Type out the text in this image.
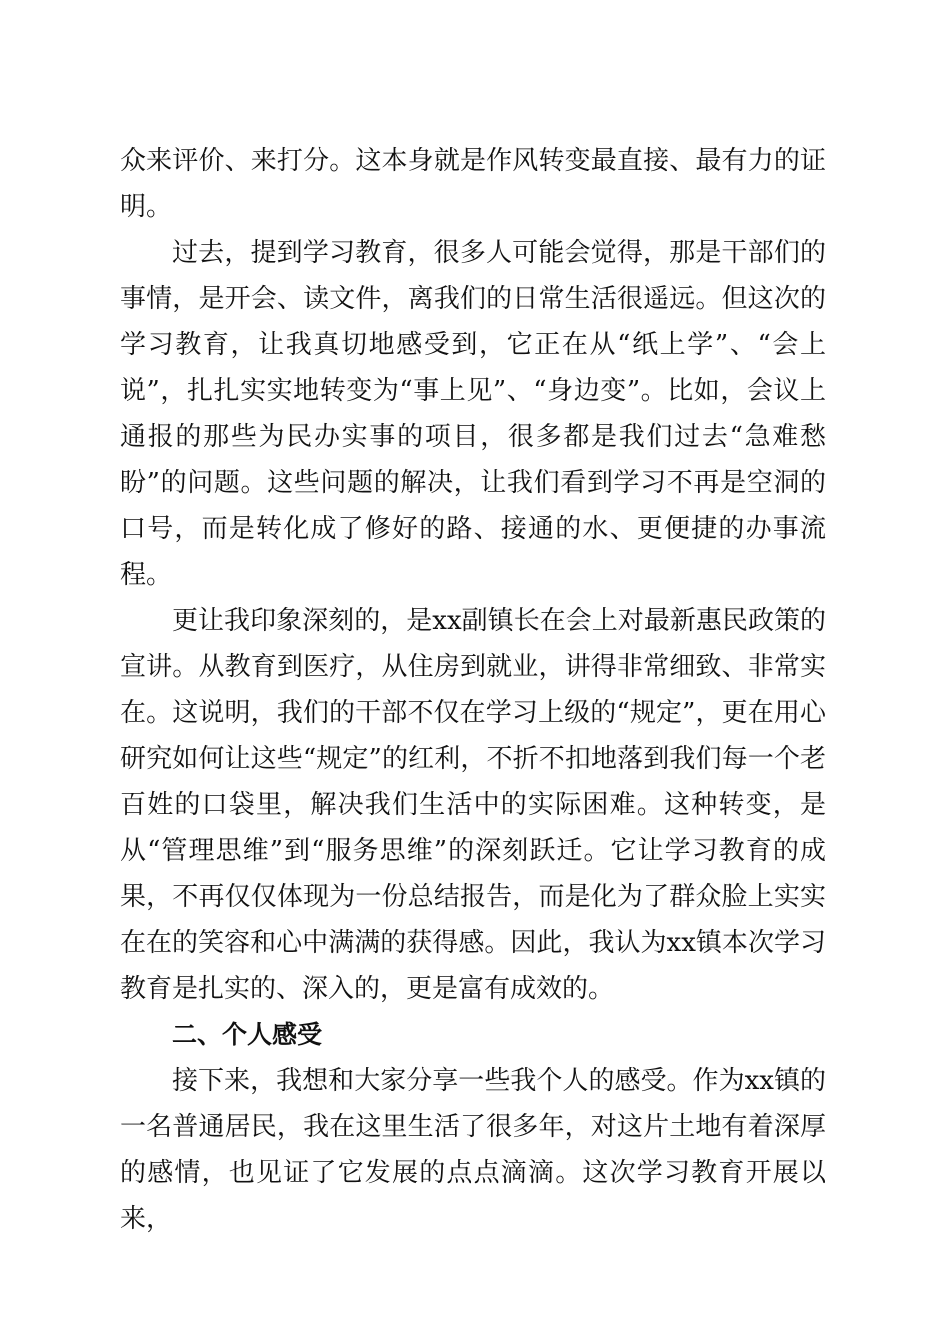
众来评价、来打分。这本身就是作风转变最直接、最有力的证明。

过去，提到学习教育，很多人可能会觉得，那是干部们的事情，是开会、读文件，离我们的日常生活很遥远。但这次的学习教育，让我真切地感受到，它正在从“纸上学”、“会上说”，扎扎实实地转变为“事上见”、“身边变”。比如，会议上通报的那些为民办实事的项目，很多都是我们过去“急难愁盼”的问题。这些问题的解决，让我们看到学习不再是空洞的口号，而是转化成了修好的路、接通的水、更便捷的办事流程。

更让我印象深刻的，是xx副镇长在会上对最新惠民政策的宣讲。从教育到医疗，从住房到就业，讲得非常细致、非常实在。这说明，我们的干部不仅在学习上级的“规定”，更在用心研究如何让这些“规定”的红利，不折不扣地落到我们每一个老百姓的口袋里，解决我们生活中的实际困难。这种转变，是从“管理思维”到“服务思维”的深刻跃迁。它让学习教育的成果，不再仅仅体现为一份总结报告，而是化为了群众脸上实实在在的笑容和心中满满的获得感。因此，我认为xx镇本次学习教育是扎实的、深入的，更是富有成效的。

二、个人感受

接下来，我想和大家分享一些我个人的感受。作为xx镇的一名普通居民，我在这里生活了很多年，对这片土地有着深厚的感情，也见证了它发展的点点滴滴。这次学习教育开展以来，
